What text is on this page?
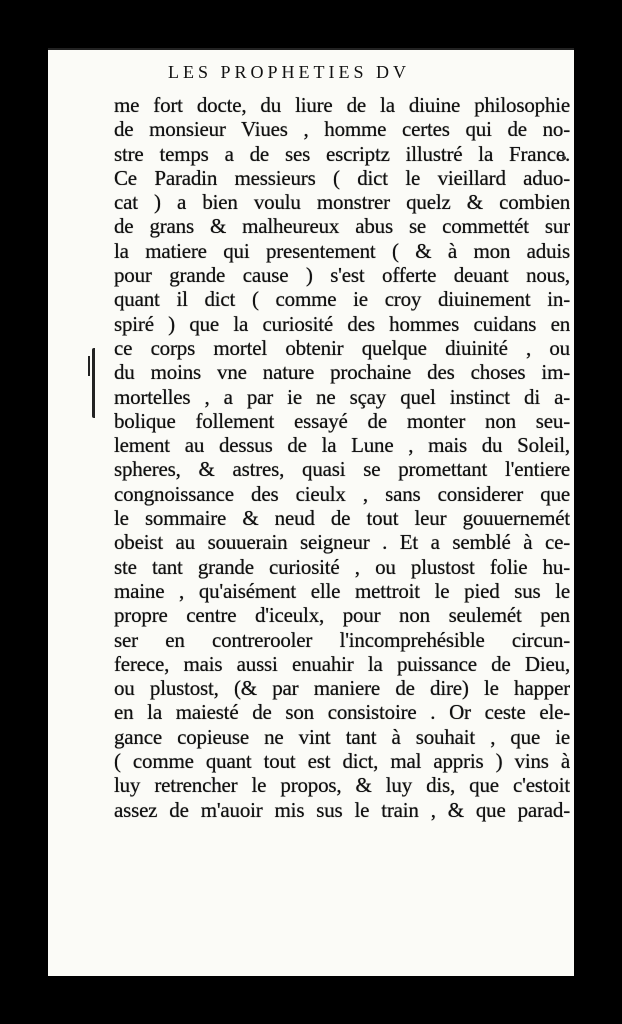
LES PROPHETIES DV
me fort docte, du liure de la diuine philosophie
de monsieur Viues , homme certes qui de no-
stre temps a de ses escriptz illustré la France.
Ce Paradin messieurs ( dict le vieillard aduo-
cat ) a bien voulu monstrer quelz & combien
de grans & malheureux abus se commettét sur
la matiere qui presentement ( & à mon aduis
pour grande cause ) s'est offerte deuant nous,
quant il dict ( comme ie croy diuinement in-
spiré ) que la curiosité des hommes cuidans en
ce corps mortel obtenir quelque diuinité , ou
du moins vne nature prochaine des choses im-
mortelles , a par ie ne sçay quel instinct di a-
bolique follement essayé de monter non seu-
lement au dessus de la Lune , mais du Soleil,
spheres, & astres, quasi se promettant l'entiere
congnoissance des cieulx , sans considerer que
le sommaire & neud de tout leur gouuernemét
obeist au souuerain seigneur . Et a semblé à ce-
ste tant grande curiosité , ou plustost folie hu-
maine , qu'aisément elle mettroit le pied sus le
propre centre d'iceulx, pour non seulemét pen
ser en contrerooler l'incomprehésible circun-
ferece, mais aussi enuahir la puissance de Dieu,
ou plustost, (& par maniere de dire) le happer
en la maiesté de son consistoire . Or ceste ele-
gance copieuse ne vint tant à souhait , que ie
( comme quant tout est dict, mal appris ) vins à
luy retrencher le propos, & luy dis, que c'estoit
assez de m'auoir mis sus le train , & que parad-
